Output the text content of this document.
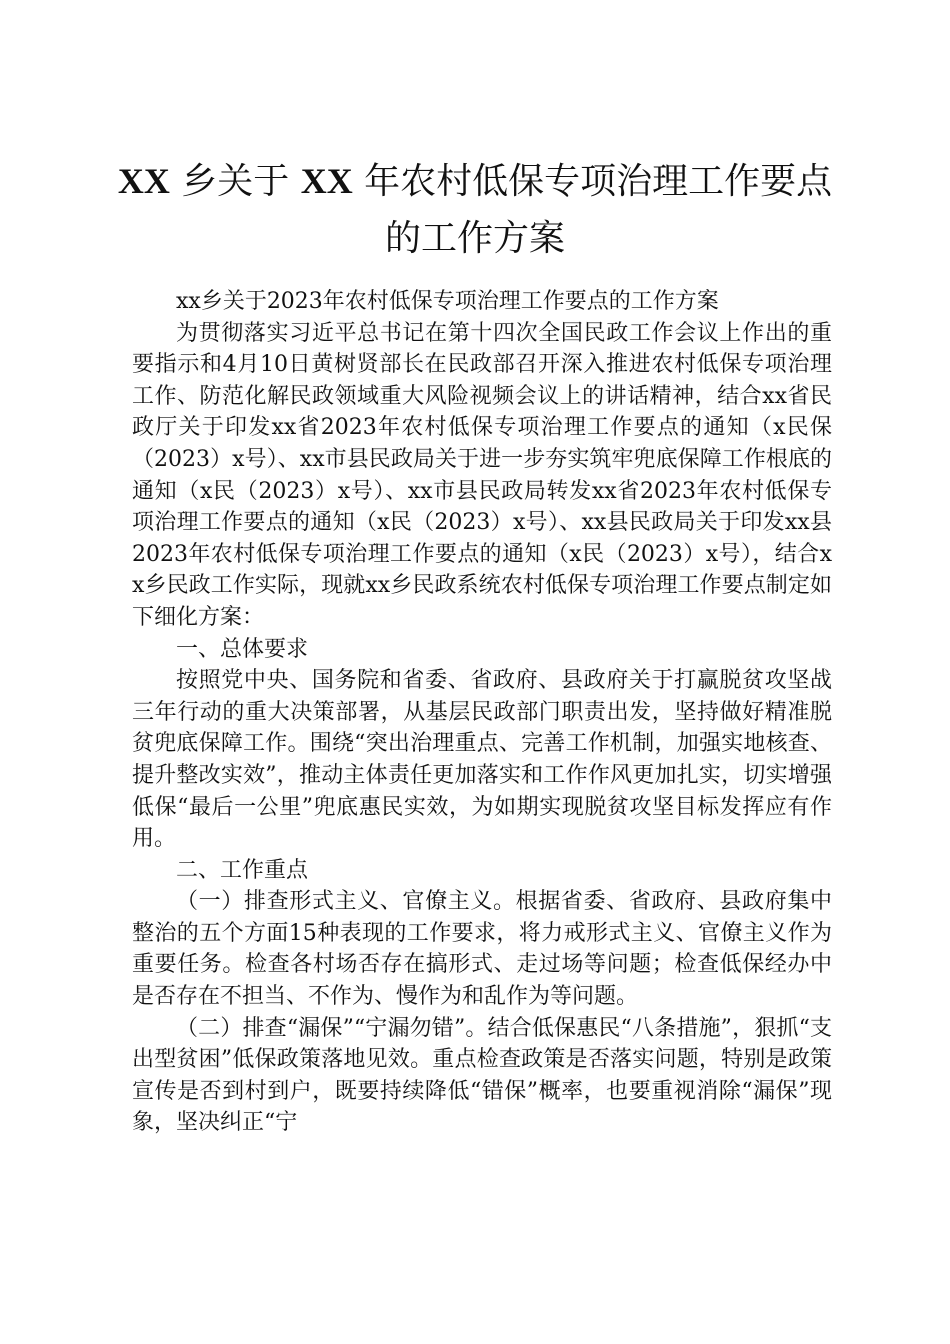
XX 乡关于 XX 年农村低保专项治理工作要点
的工作方案

xx乡关于2023年农村低保专项治理工作要点的工作方案

为贯彻落实习近平总书记在第十四次全国民政工作会议上作出的重要指示和4月10日黄树贤部长在民政部召开深入推进农村低保专项治理工作、防范化解民政领域重大风险视频会议上的讲话精神，结合xx省民政厅关于印发xx省2023年农村低保专项治理工作要点的通知（x民保（2023）x号）、xx市县民政局关于进一步夯实筑牢兜底保障工作根底的通知（x民（2023）x号）、xx市县民政局转发xx省2023年农村低保专项治理工作要点的通知（x民（2023）x号）、xx县民政局关于印发xx县2023年农村低保专项治理工作要点的通知（x民（2023）x号），结合xx乡民政工作实际，现就xx乡民政系统农村低保专项治理工作要点制定如下细化方案：

一、总体要求

按照党中央、国务院和省委、省政府、县政府关于打赢脱贫攻坚战三年行动的重大决策部署，从基层民政部门职责出发，坚持做好精准脱贫兜底保障工作。围绕“突出治理重点、完善工作机制，加强实地核查、提升整改实效”，推动主体责任更加落实和工作作风更加扎实，切实增强低保“最后一公里”兜底惠民实效，为如期实现脱贫攻坚目标发挥应有作用。

二、工作重点

（一）排查形式主义、官僚主义。根据省委、省政府、县政府集中整治的五个方面15种表现的工作要求，将力戒形式主义、官僚主义作为重要任务。检查各村场否存在搞形式、走过场等问题；检查低保经办中是否存在不担当、不作为、慢作为和乱作为等问题。

（二）排查“漏保”“宁漏勿错”。结合低保惠民“八条措施”，狠抓“支出型贫困”低保政策落地见效。重点检查政策是否落实问题，特别是政策宣传是否到村到户，既要持续降低“错保”概率，也要重视消除“漏保”现象，坚决纠正“宁
